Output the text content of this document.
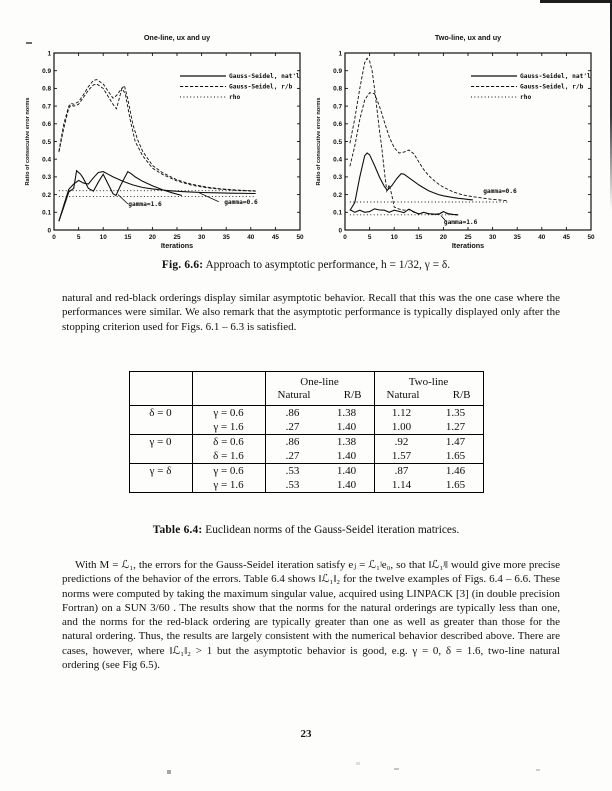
One-line, ux and uy
Iterations
Ratio of consecutive error norms
0	5	10	15	20	25	30	35	40	45	50
0
0.1
0.2
0.3
0.4
0.5
0.6
0.7
0.8
0.9
1
Gauss-Seidel, nat'l
Gauss-Seidel, r/b
rho
gamma=1.6	gamma=0.6
Two-line, ux and uy
Iterations
Ratio of consecutive error norms
0	5	10	15	20	25	30	35	40	45	50
0
0.1
0.2
0.3
0.4
0.5
0.6
0.7
0.8
0.9
1
Gauss-Seidel, nat'l
Gauss-Seidel, r/b
rho
gamma=0.6
gamma=1.6
Fig. 6.6: Approach to asymptotic performance, h = 1/32, γ = δ.
natural and red-black orderings display similar asymptotic behavior. Recall that this was the one case where the performances were similar. We also remark that the asymptotic performance is typically displayed only after the stopping criterion used for Figs. 6.1 – 6.3 is satisfied.

One-line
Natural	R/B

Two-line
Natural	R/B

δ = 0	γ = 0.6	.86	1.38	1.12	1.35
	γ = 1.6	.27	1.40	1.00	1.27
γ = 0	δ = 0.6	.86	1.38	.92	1.47
	δ = 1.6	.27	1.40	1.57	1.65
γ = δ	γ = 0.6	.53	1.40	.87	1.46
	γ = 1.6	.53	1.40	1.14	1.65
Table 6.4: Euclidean norms of the Gauss-Seidel iteration matrices.
With M = ℒ₁, the errors for the Gauss-Seidel iteration satisfy eⱼ = ℒ₁ʲe₀, so that ‖ℒ₁ʲ‖ would give more precise predictions of the behavior of the errors. Table 6.4 shows ‖ℒ₁‖₂ for the twelve examples of Figs. 6.4 – 6.6. These norms were computed by taking the maximum singular value, acquired using LINPACK [3] (in double precision Fortran) on a SUN 3/60 . The results show that the norms for the natural orderings are typically less than one, and the norms for the red-black ordering are typically greater than one as well as greater than those for the natural ordering. Thus, the results are largely consistent with the numerical behavior described above. There are cases, however, where ‖ℒ₁‖₂ > 1 but the asymptotic behavior is good, e.g. γ = 0, δ = 1.6, two-line natural ordering (see Fig 6.5).
23
